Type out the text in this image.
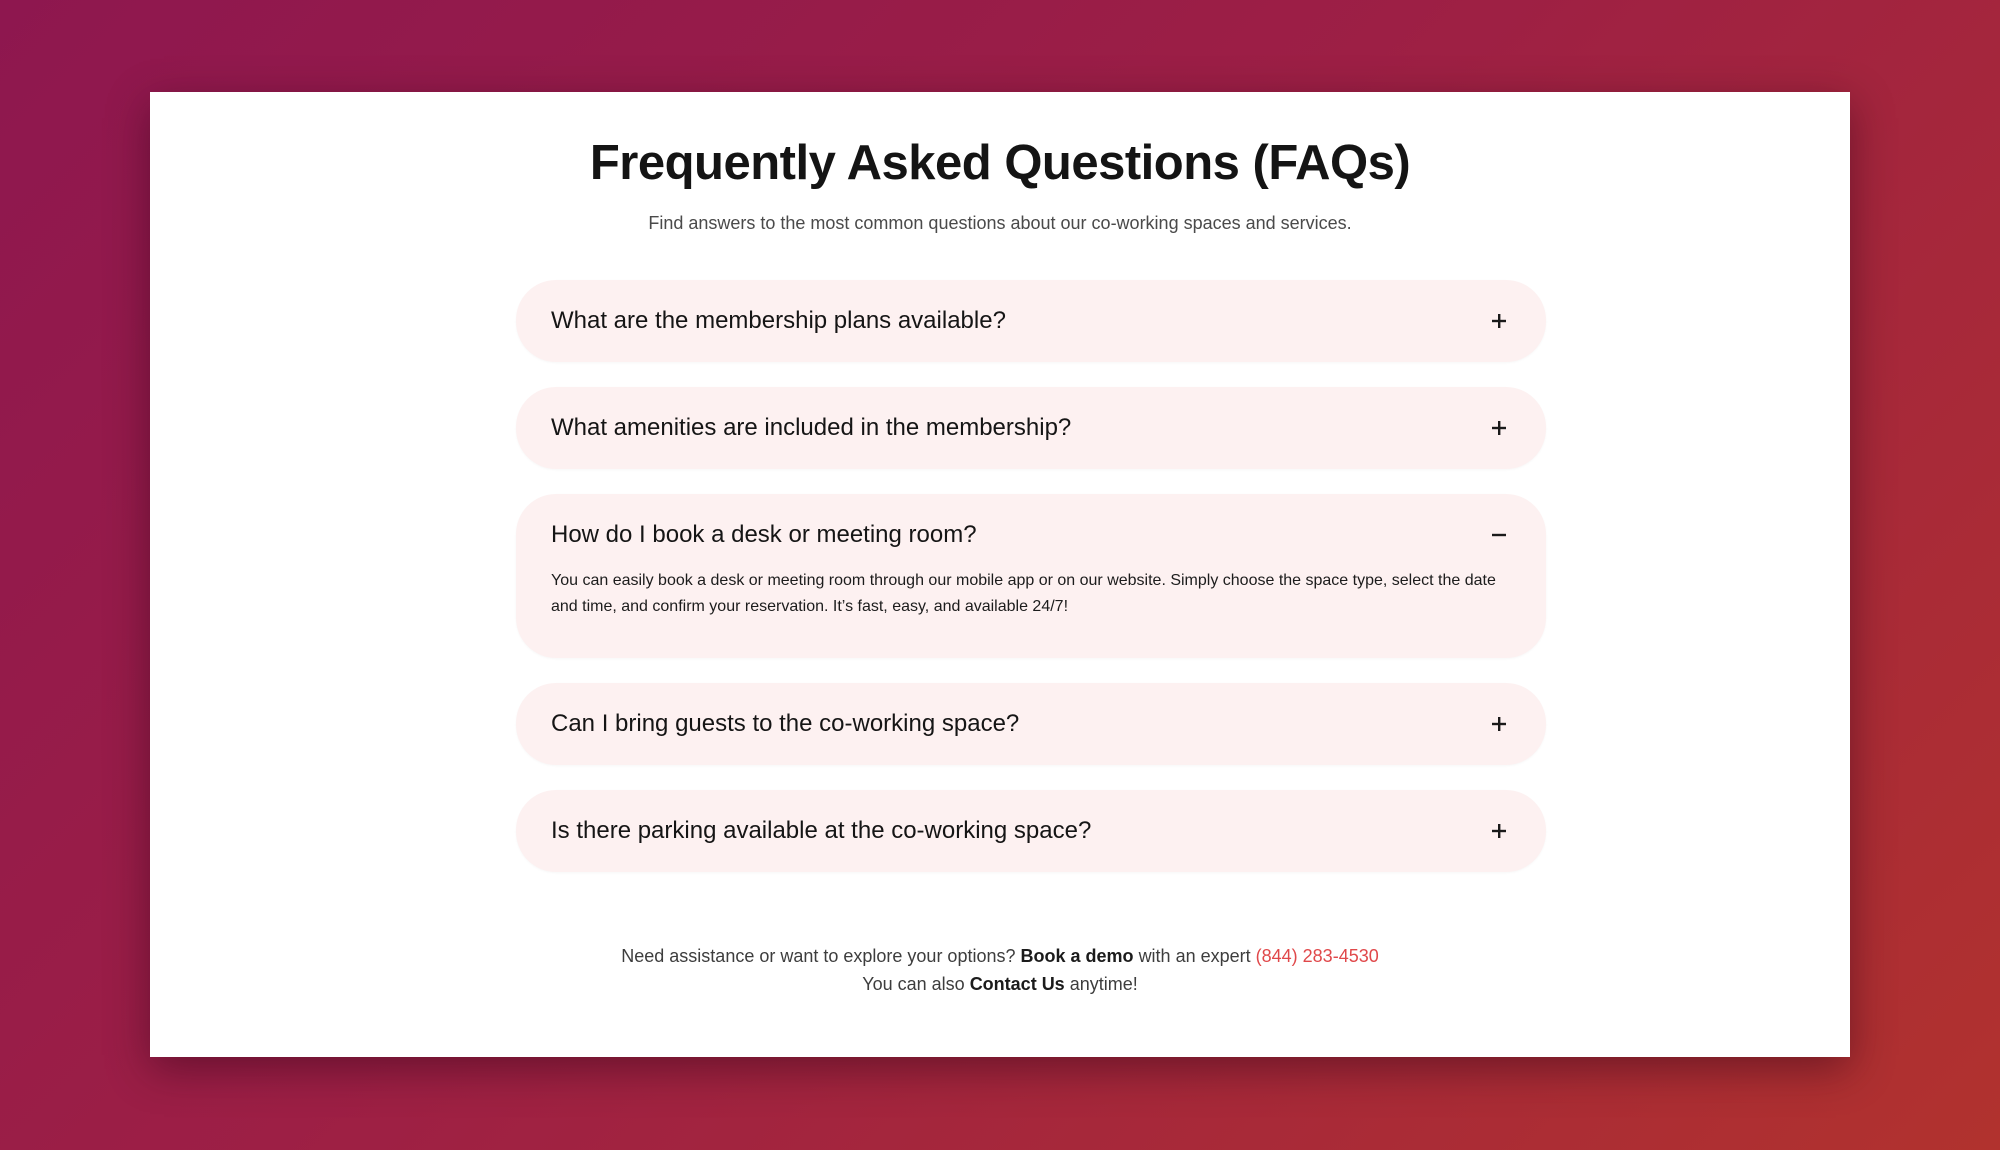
Frequently Asked Questions (FAQs)

Find answers to the most common questions about our co-working spaces and services.

What are the membership plans available?
What amenities are included in the membership?
How do I book a desk or meeting room?
You can easily book a desk or meeting room through our mobile app or on our website. Simply choose the space type, select the date and time, and confirm your reservation. It’s fast, easy, and available 24/7!
Can I bring guests to the co-working space?
Is there parking available at the co-working space?
Need assistance or want to explore your options? Book a demo with an expert (844) 283-4530
You can also Contact Us anytime!
